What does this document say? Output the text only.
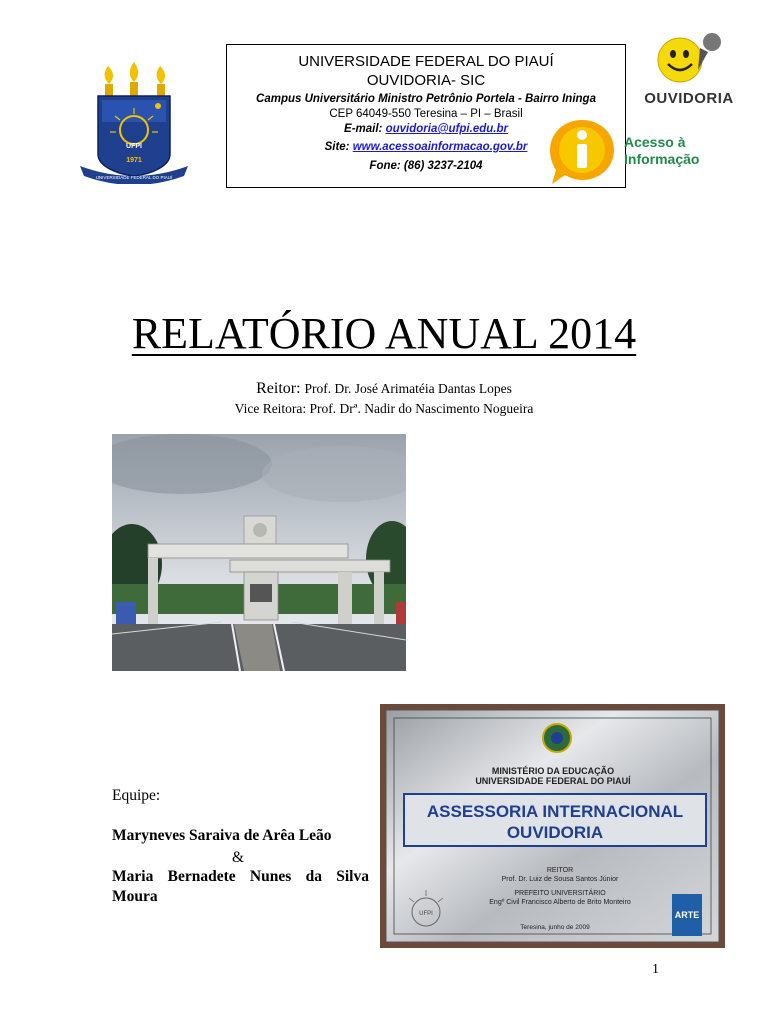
UFPI
1971
UNIVERSIDADE FEDERAL DO PIAUÍ
UNIVERSIDADE FEDERAL DO PIAUÍ
OUVIDORIA- SIC
Campus Universitário Ministro Petrônio Portela - Bairro Ininga
CEP 64049-550 Teresina – PI – Brasil
E-mail: ouvidoria@ufpi.edu.br
Site: www.acessoainformacao.gov.br
Fone: (86) 3237-2104
OUVIDORIA
Acesso à
Informação
RELATÓRIO ANUAL 2014
Reitor: Prof. Dr. José Arimatéia Dantas Lopes
Vice Reitora: Prof. Drª. Nadir do Nascimento Nogueira
MINISTÉRIO DA EDUCAÇÃO
UNIVERSIDADE FEDERAL DO PIAUÍ
ASSESSORIA INTERNACIONAL
OUVIDORIA
REITOR
Prof. Dr. Luiz de Sousa Santos Júnior
PREFEITO UNIVERSITÁRIO
Engº Civil Francisco Alberto de Brito Monteiro
Teresina, junho de 2009
UFPI	ARTE
Equipe:
Maryneves Saraiva de Arêa Leão
&
Maria Bernadete Nunes da Silva
Moura
1
